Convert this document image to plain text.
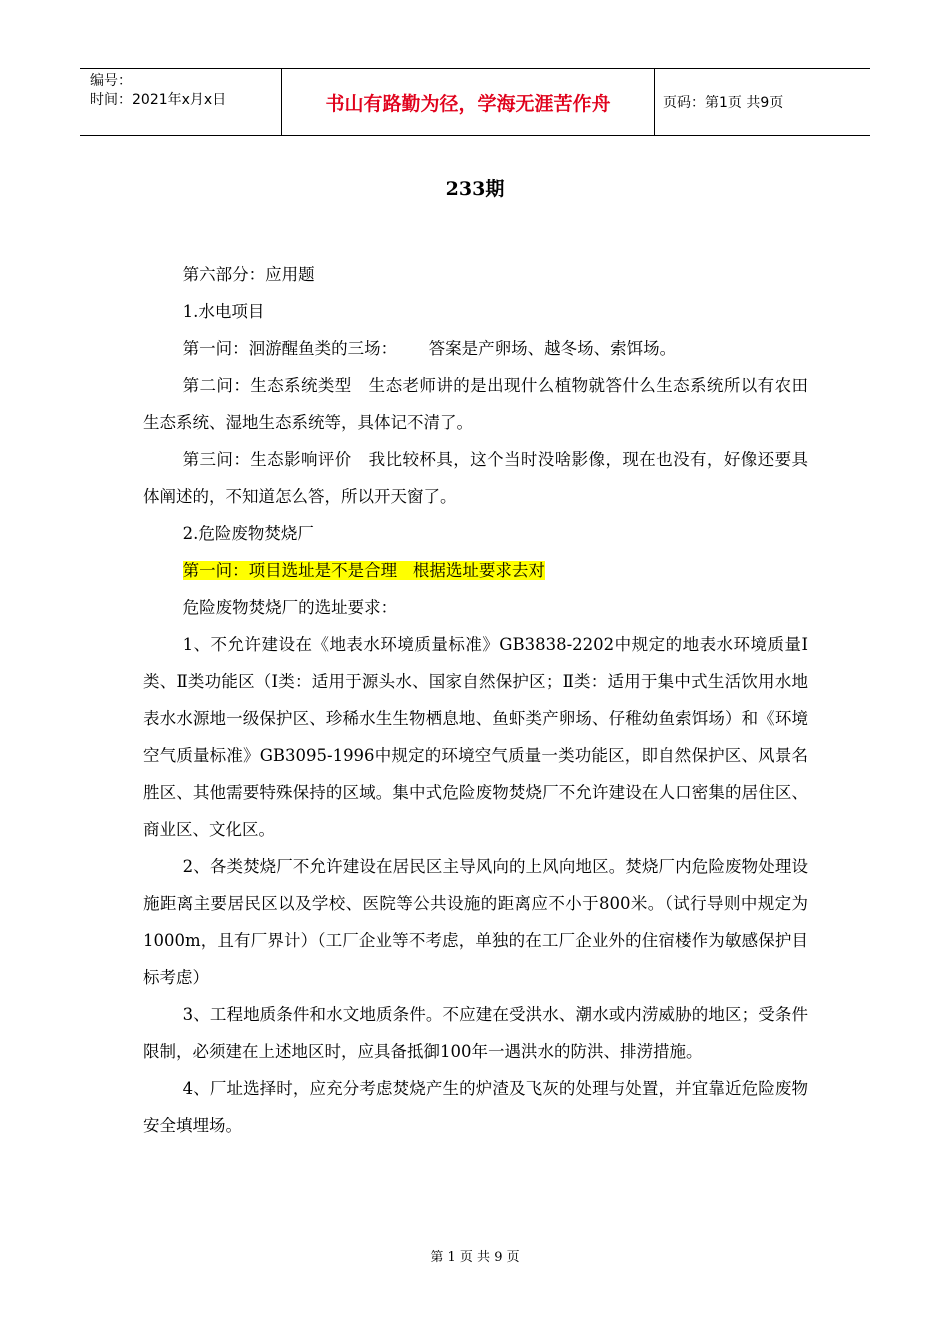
编号：
时间：2021年x月x日	书山有路勤为径，学海无涯苦作舟	页码：第1页 共9页
233期

第六部分：应用题

1.水电项目

第一问：洄游醒鱼类的三场：      答案是产卵场、越冬场、索饵场。

第二问：生态系统类型   生态老师讲的是出现什么植物就答什么生态系统所以有农田生态系统、湿地生态系统等，具体记不清了。

第三问：生态影响评价   我比较杯具，这个当时没啥影像，现在也没有，好像还要具体阐述的，不知道怎么答，所以开天窗了。

2.危险废物焚烧厂

第一问：项目选址是不是合理   根据选址要求去对

危险废物焚烧厂的选址要求：

1、不允许建设在《地表水环境质量标准》GB3838-2202中规定的地表水环境质量Ⅰ类、Ⅱ类功能区（Ⅰ类：适用于源头水、国家自然保护区；Ⅱ类：适用于集中式生活饮用水地表水水源地一级保护区、珍稀水生生物栖息地、鱼虾类产卵场、仔稚幼鱼索饵场）和《环境空气质量标准》GB3095-1996中规定的环境空气质量一类功能区，即自然保护区、风景名胜区、其他需要特殊保持的区域。集中式危险废物焚烧厂不允许建设在人口密集的居住区、商业区、文化区。

2、各类焚烧厂不允许建设在居民区主导风向的上风向地区。焚烧厂内危险废物处理设施距离主要居民区以及学校、医院等公共设施的距离应不小于800米。（试行导则中规定为1000m，且有厂界计）（工厂企业等不考虑，单独的在工厂企业外的住宿楼作为敏感保护目标考虑）

3、工程地质条件和水文地质条件。不应建在受洪水、潮水或内涝威胁的地区；受条件限制，必须建在上述地区时，应具备抵御100年一遇洪水的防洪、排涝措施。

4、厂址选择时，应充分考虑焚烧产生的炉渣及飞灰的处理与处置，并宜靠近危险废物安全填埋场。

第 1 页 共 9 页
